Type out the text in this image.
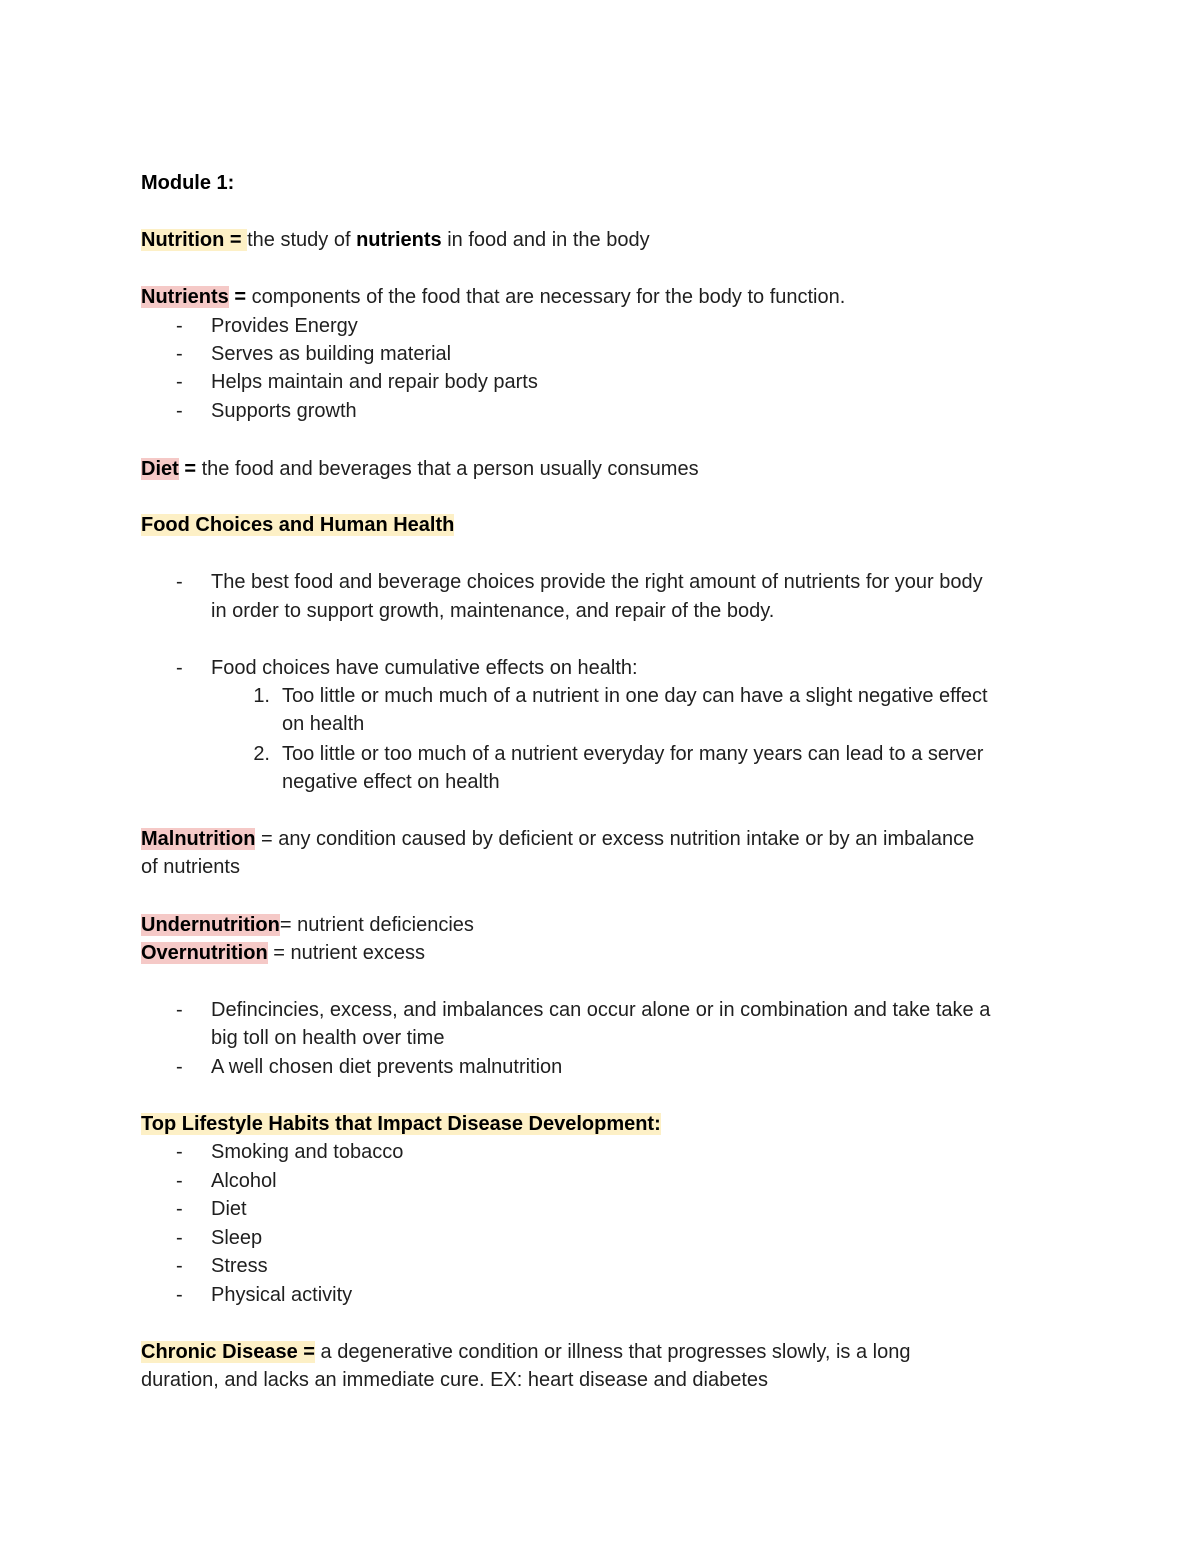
Module 1:
Nutrition = the study of nutrients in food and in the body
Nutrients = components of the food that are necessary for the body to function.
- Provides Energy
- Serves as building material
- Helps maintain and repair body parts
- Supports growth
Diet = the food and beverages that a person usually consumes
Food Choices and Human Health
- The best food and beverage choices provide the right amount of nutrients for your body
in order to support growth, maintenance, and repair of the body.
- Food choices have cumulative effects on health:
1. Too little or much much of a nutrient in one day can have a slight negative effect
on health
2. Too little or too much of a nutrient everyday for many years can lead to a server
negative effect on health
Malnutrition = any condition caused by deficient or excess nutrition intake or by an imbalance
of nutrients
Undernutrition= nutrient deficiencies
Overnutrition = nutrient excess
- Defincincies, excess, and imbalances can occur alone or in combination and take take a
big toll on health over time
- A well chosen diet prevents malnutrition
Top Lifestyle Habits that Impact Disease Development:
- Smoking and tobacco
- Alcohol
- Diet
- Sleep
- Stress
- Physical activity
Chronic Disease = a degenerative condition or illness that progresses slowly, is a long
duration, and lacks an immediate cure. EX: heart disease and diabetes
